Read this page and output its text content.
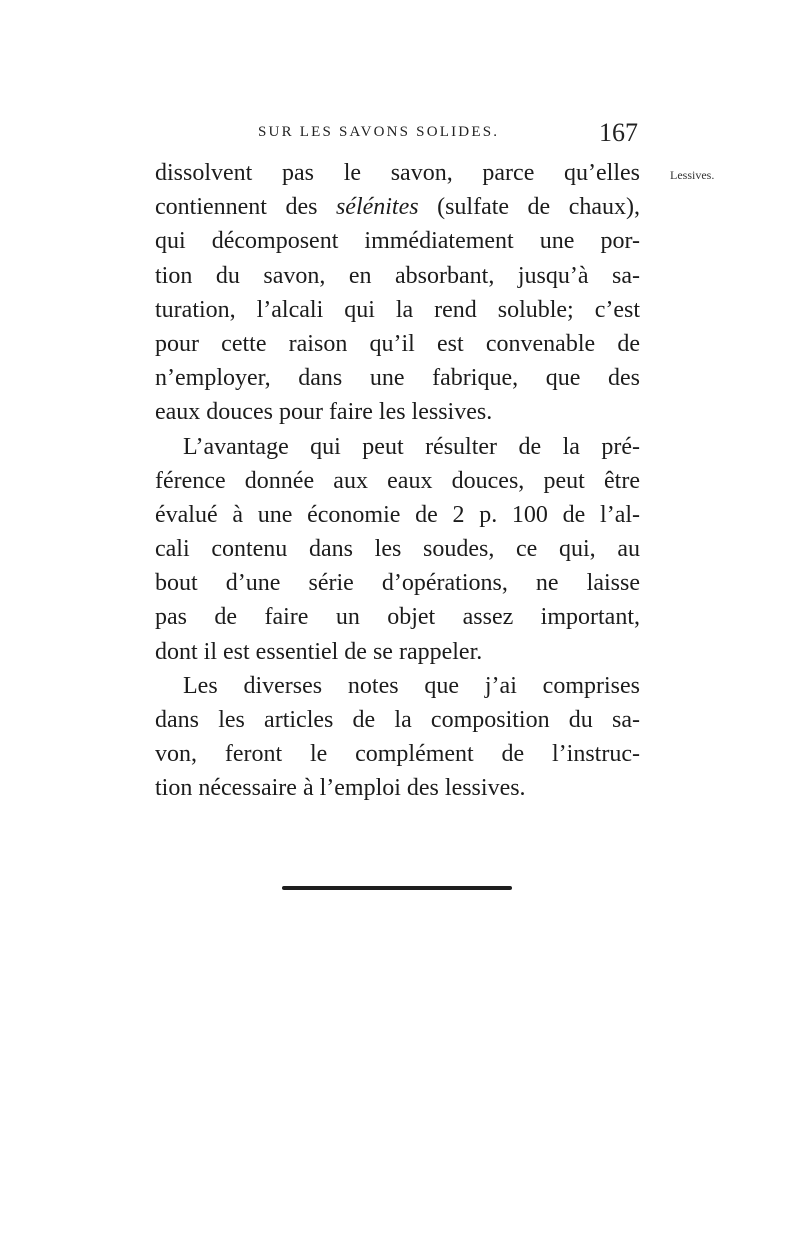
SUR LES SAVONS SOLIDES.	167
Lessives.
dissolvent pas le savon, parce qu’elles
contiennent des sélénites (sulfate de chaux),
qui décomposent immédiatement une por-
tion du savon, en absorbant, jusqu’à sa-
turation, l’alcali qui la rend soluble; c’est
pour cette raison qu’il est convenable de
n’employer, dans une fabrique, que des
eaux douces pour faire les lessives.
L’avantage qui peut résulter de la pré-
férence donnée aux eaux douces, peut être
évalué à une économie de 2 p. 100 de l’al-
cali contenu dans les soudes, ce qui, au
bout d’une série d’opérations, ne laisse
pas de faire un objet assez important,
dont il est essentiel de se rappeler.
Les diverses notes que j’ai comprises
dans les articles de la composition du sa-
von, feront le complément de l’instruc-
tion nécessaire à l’emploi des lessives.
